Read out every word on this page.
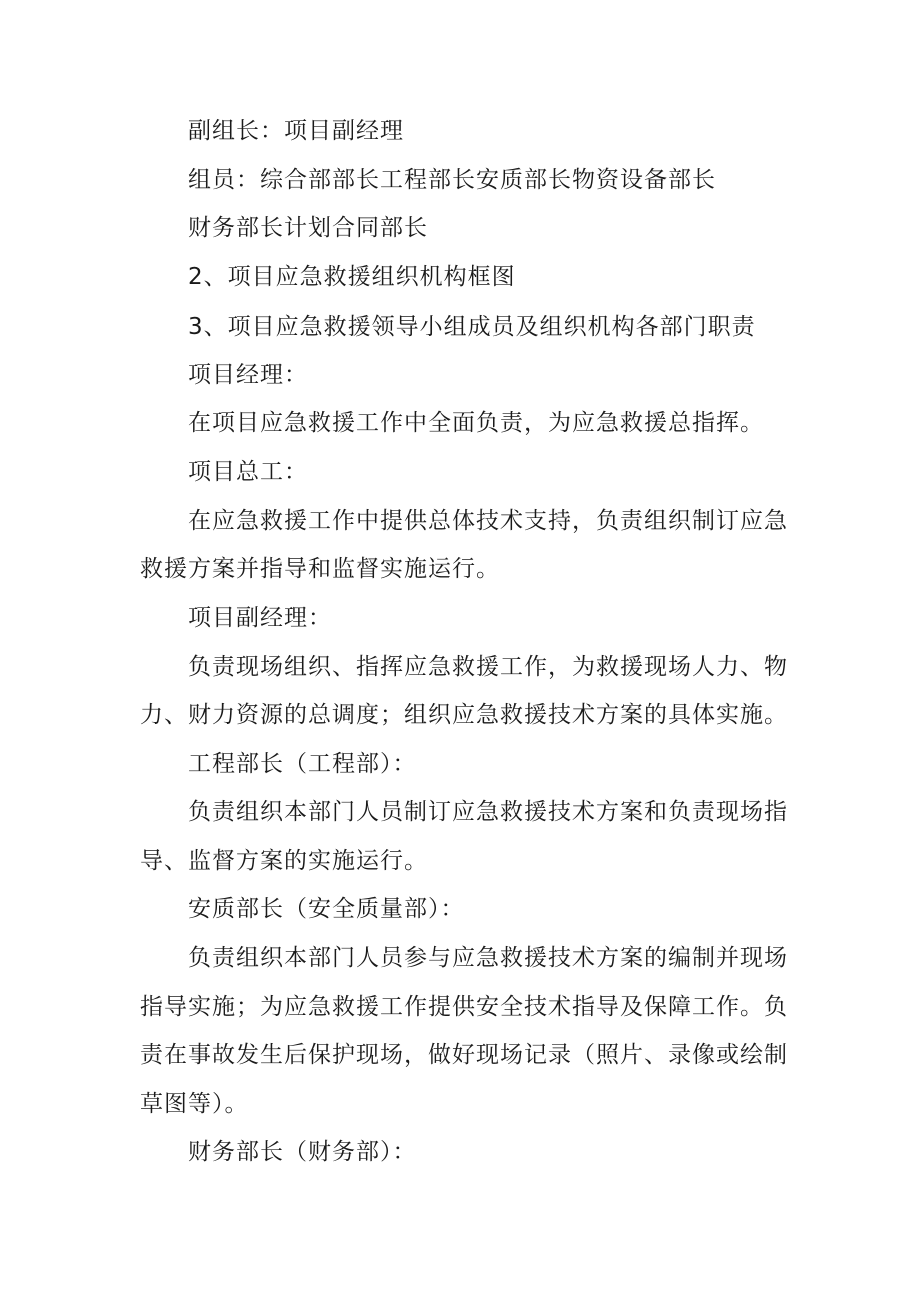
副组长：项目副经理
组员：综合部部长工程部长安质部长物资设备部长
财务部长计划合同部长
2、项目应急救援组织机构框图
3、项目应急救援领导小组成员及组织机构各部门职责
项目经理：
在项目应急救援工作中全面负责，为应急救援总指挥。
项目总工：
在应急救援工作中提供总体技术支持，负责组织制订应急
救援方案并指导和监督实施运行。
项目副经理：
负责现场组织、指挥应急救援工作，为救援现场人力、物
力、财力资源的总调度；组织应急救援技术方案的具体实施。
工程部长（工程部）：
负责组织本部门人员制订应急救援技术方案和负责现场指
导、监督方案的实施运行。
安质部长（安全质量部）：
负责组织本部门人员参与应急救援技术方案的编制并现场
指导实施；为应急救援工作提供安全技术指导及保障工作。负
责在事故发生后保护现场，做好现场记录（照片、录像或绘制
草图等）。
财务部长（财务部）：
